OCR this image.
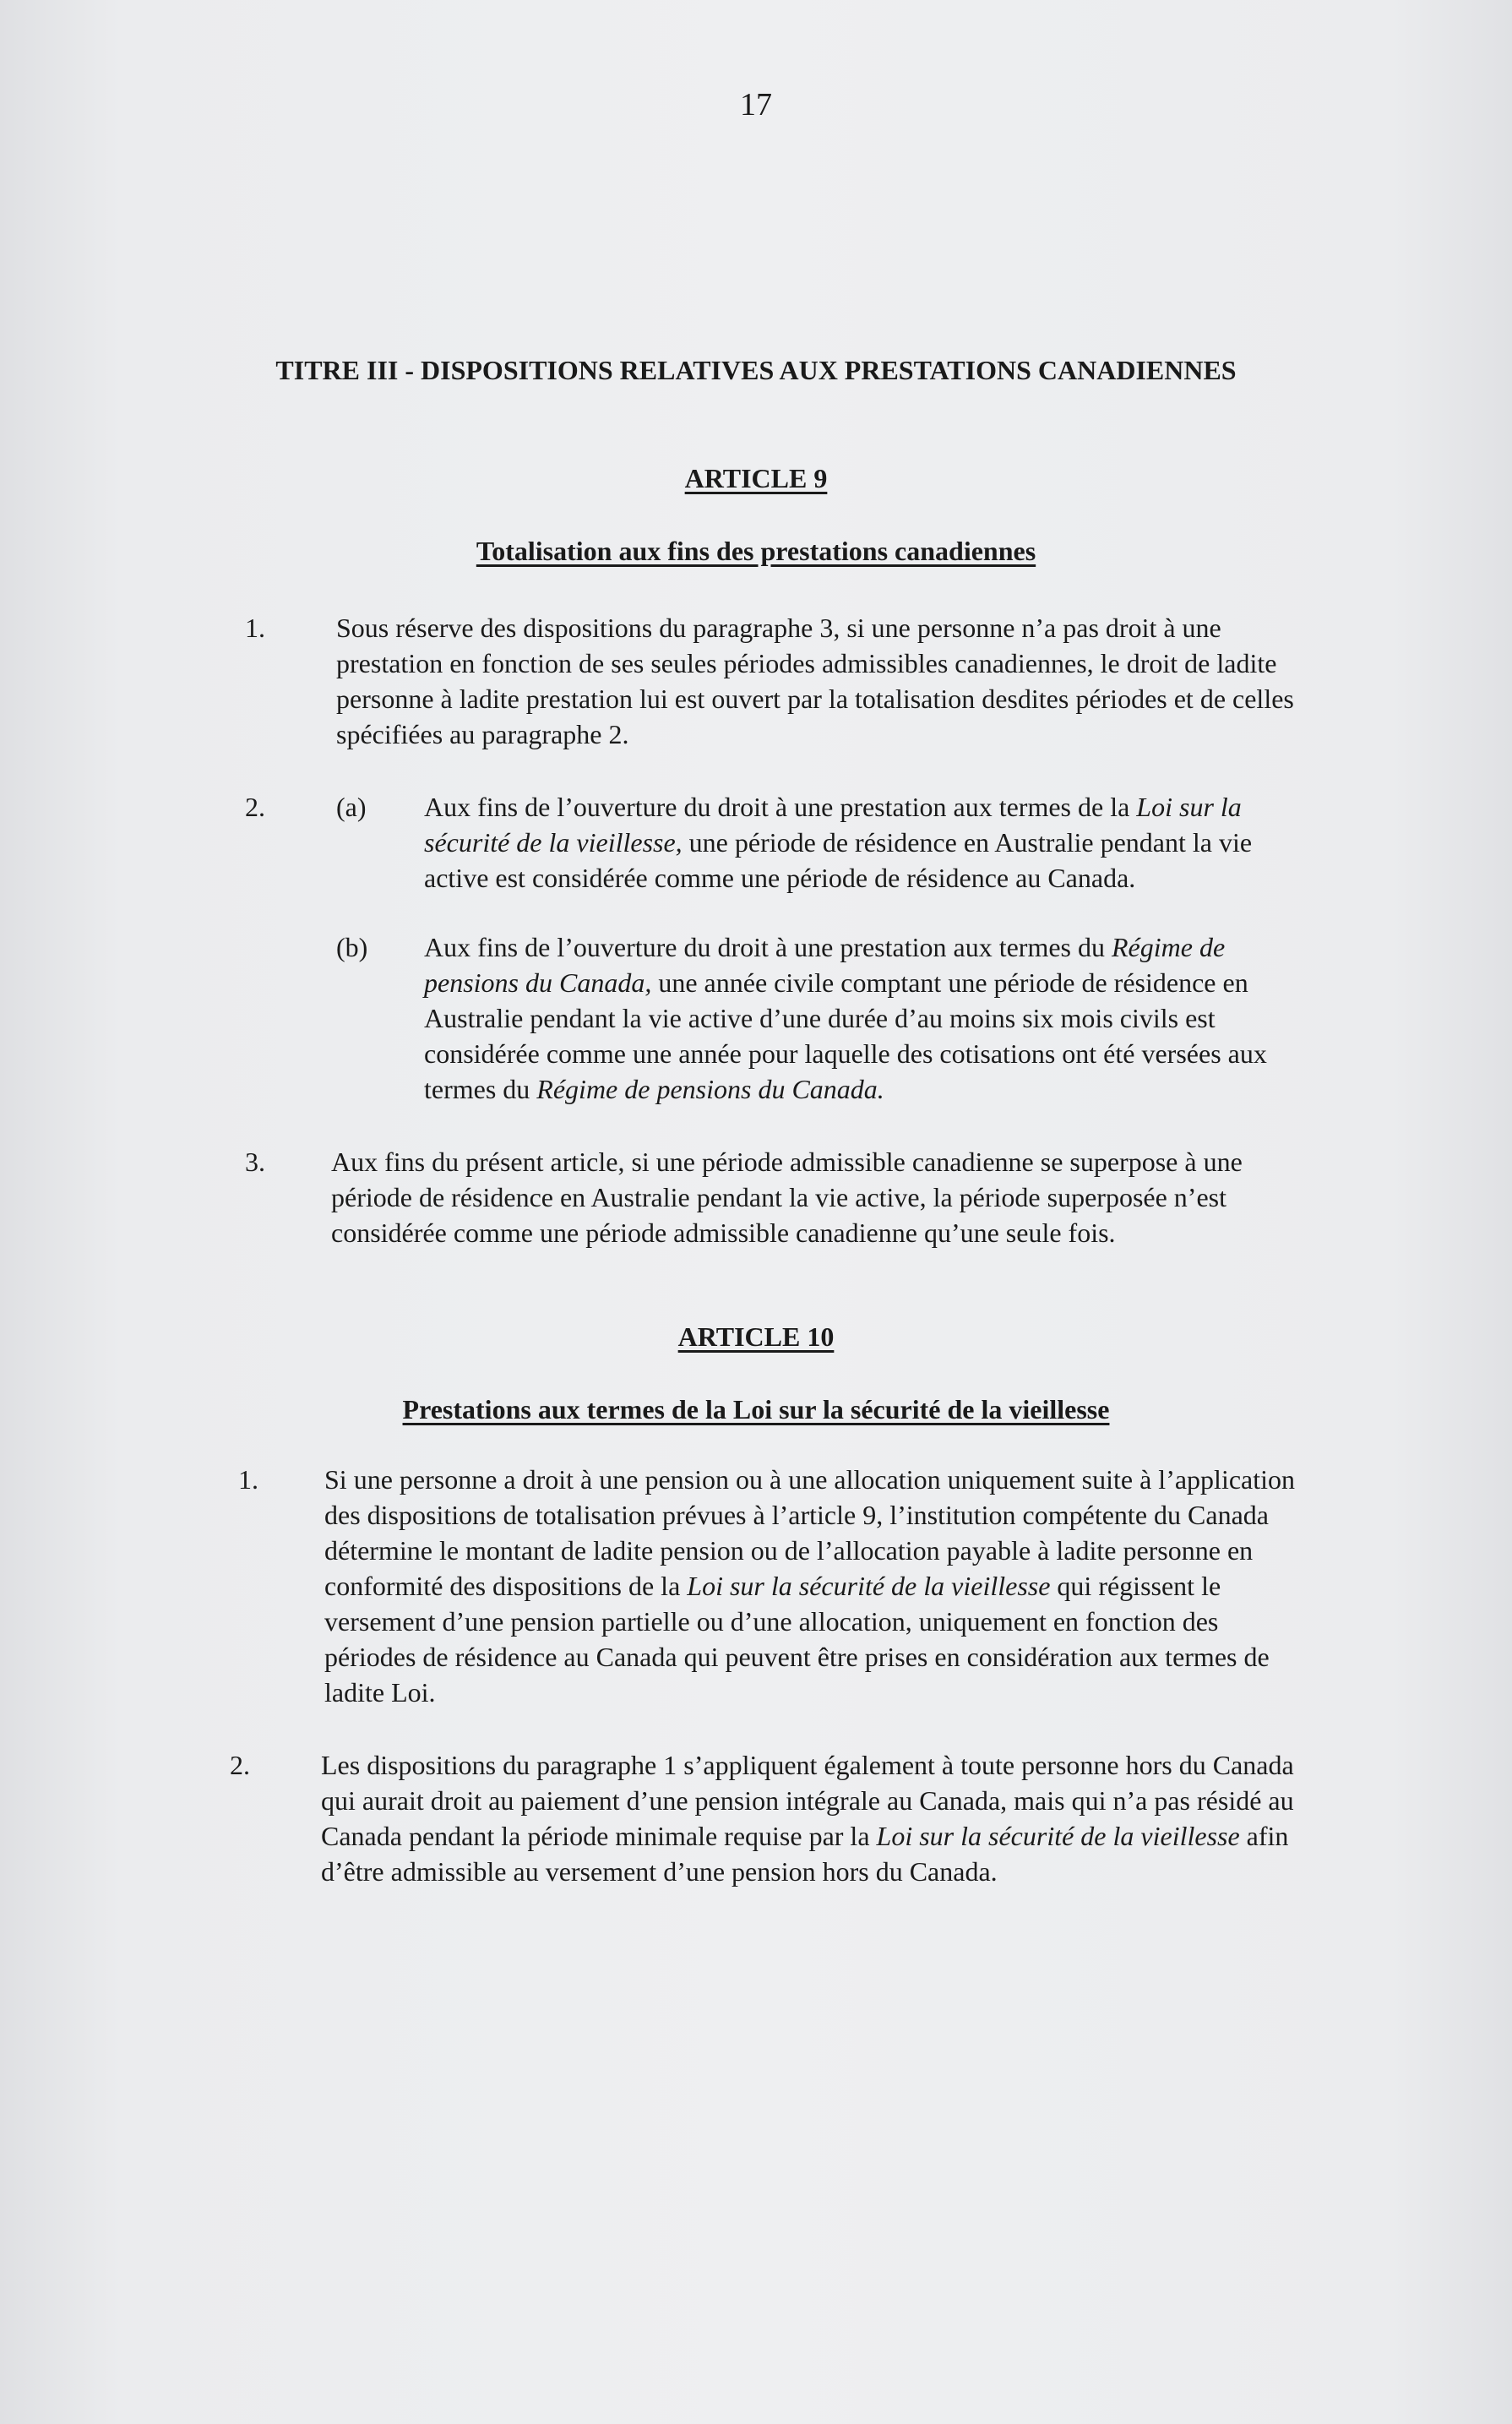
17
TITRE III - DISPOSITIONS RELATIVES AUX PRESTATIONS CANADIENNES
ARTICLE 9
Totalisation aux fins des prestations canadiennes
1.	Sous réserve des dispositions du paragraphe 3, si une personne n’a pas droit à une prestation en fonction de ses seules périodes admissibles canadiennes, le droit de ladite personne à ladite prestation lui est ouvert par la totalisation desdites périodes et de celles spécifiées au paragraphe 2.
2.	(a) Aux fins de l’ouverture du droit à une prestation aux termes de la Loi sur la sécurité de la vieillesse, une période de résidence en Australie pendant la vie active est considérée comme une période de résidence au Canada.
(b) Aux fins de l’ouverture du droit à une prestation aux termes du Régime de pensions du Canada, une année civile comptant une période de résidence en Australie pendant la vie active d’une durée d’au moins six mois civils est considérée comme une année pour laquelle des cotisations ont été versées aux termes du Régime de pensions du Canada.
3. Aux fins du présent article, si une période admissible canadienne se superpose à une période de résidence en Australie pendant la vie active, la période superposée n’est considérée comme une période admissible canadienne qu’une seule fois.
ARTICLE 10
Prestations aux termes de la Loi sur la sécurité de la vieillesse
1. Si une personne a droit à une pension ou à une allocation uniquement suite à l’application des dispositions de totalisation prévues à l’article 9, l’institution compétente du Canada détermine le montant de ladite pension ou de l’allocation payable à ladite personne en conformité des dispositions de la Loi sur la sécurité de la vieillesse qui régissent le versement d’une pension partielle ou d’une allocation, uniquement en fonction des périodes de résidence au Canada qui peuvent être prises en considération aux termes de ladite Loi.
2.	Les dispositions du paragraphe 1 s’appliquent également à toute personne hors du Canada qui aurait droit au paiement d’une pension intégrale au Canada, mais qui n’a pas résidé au Canada pendant la période minimale requise par la Loi sur la sécurité de la vieillesse afin d’être admissible au versement d’une pension hors du Canada.
